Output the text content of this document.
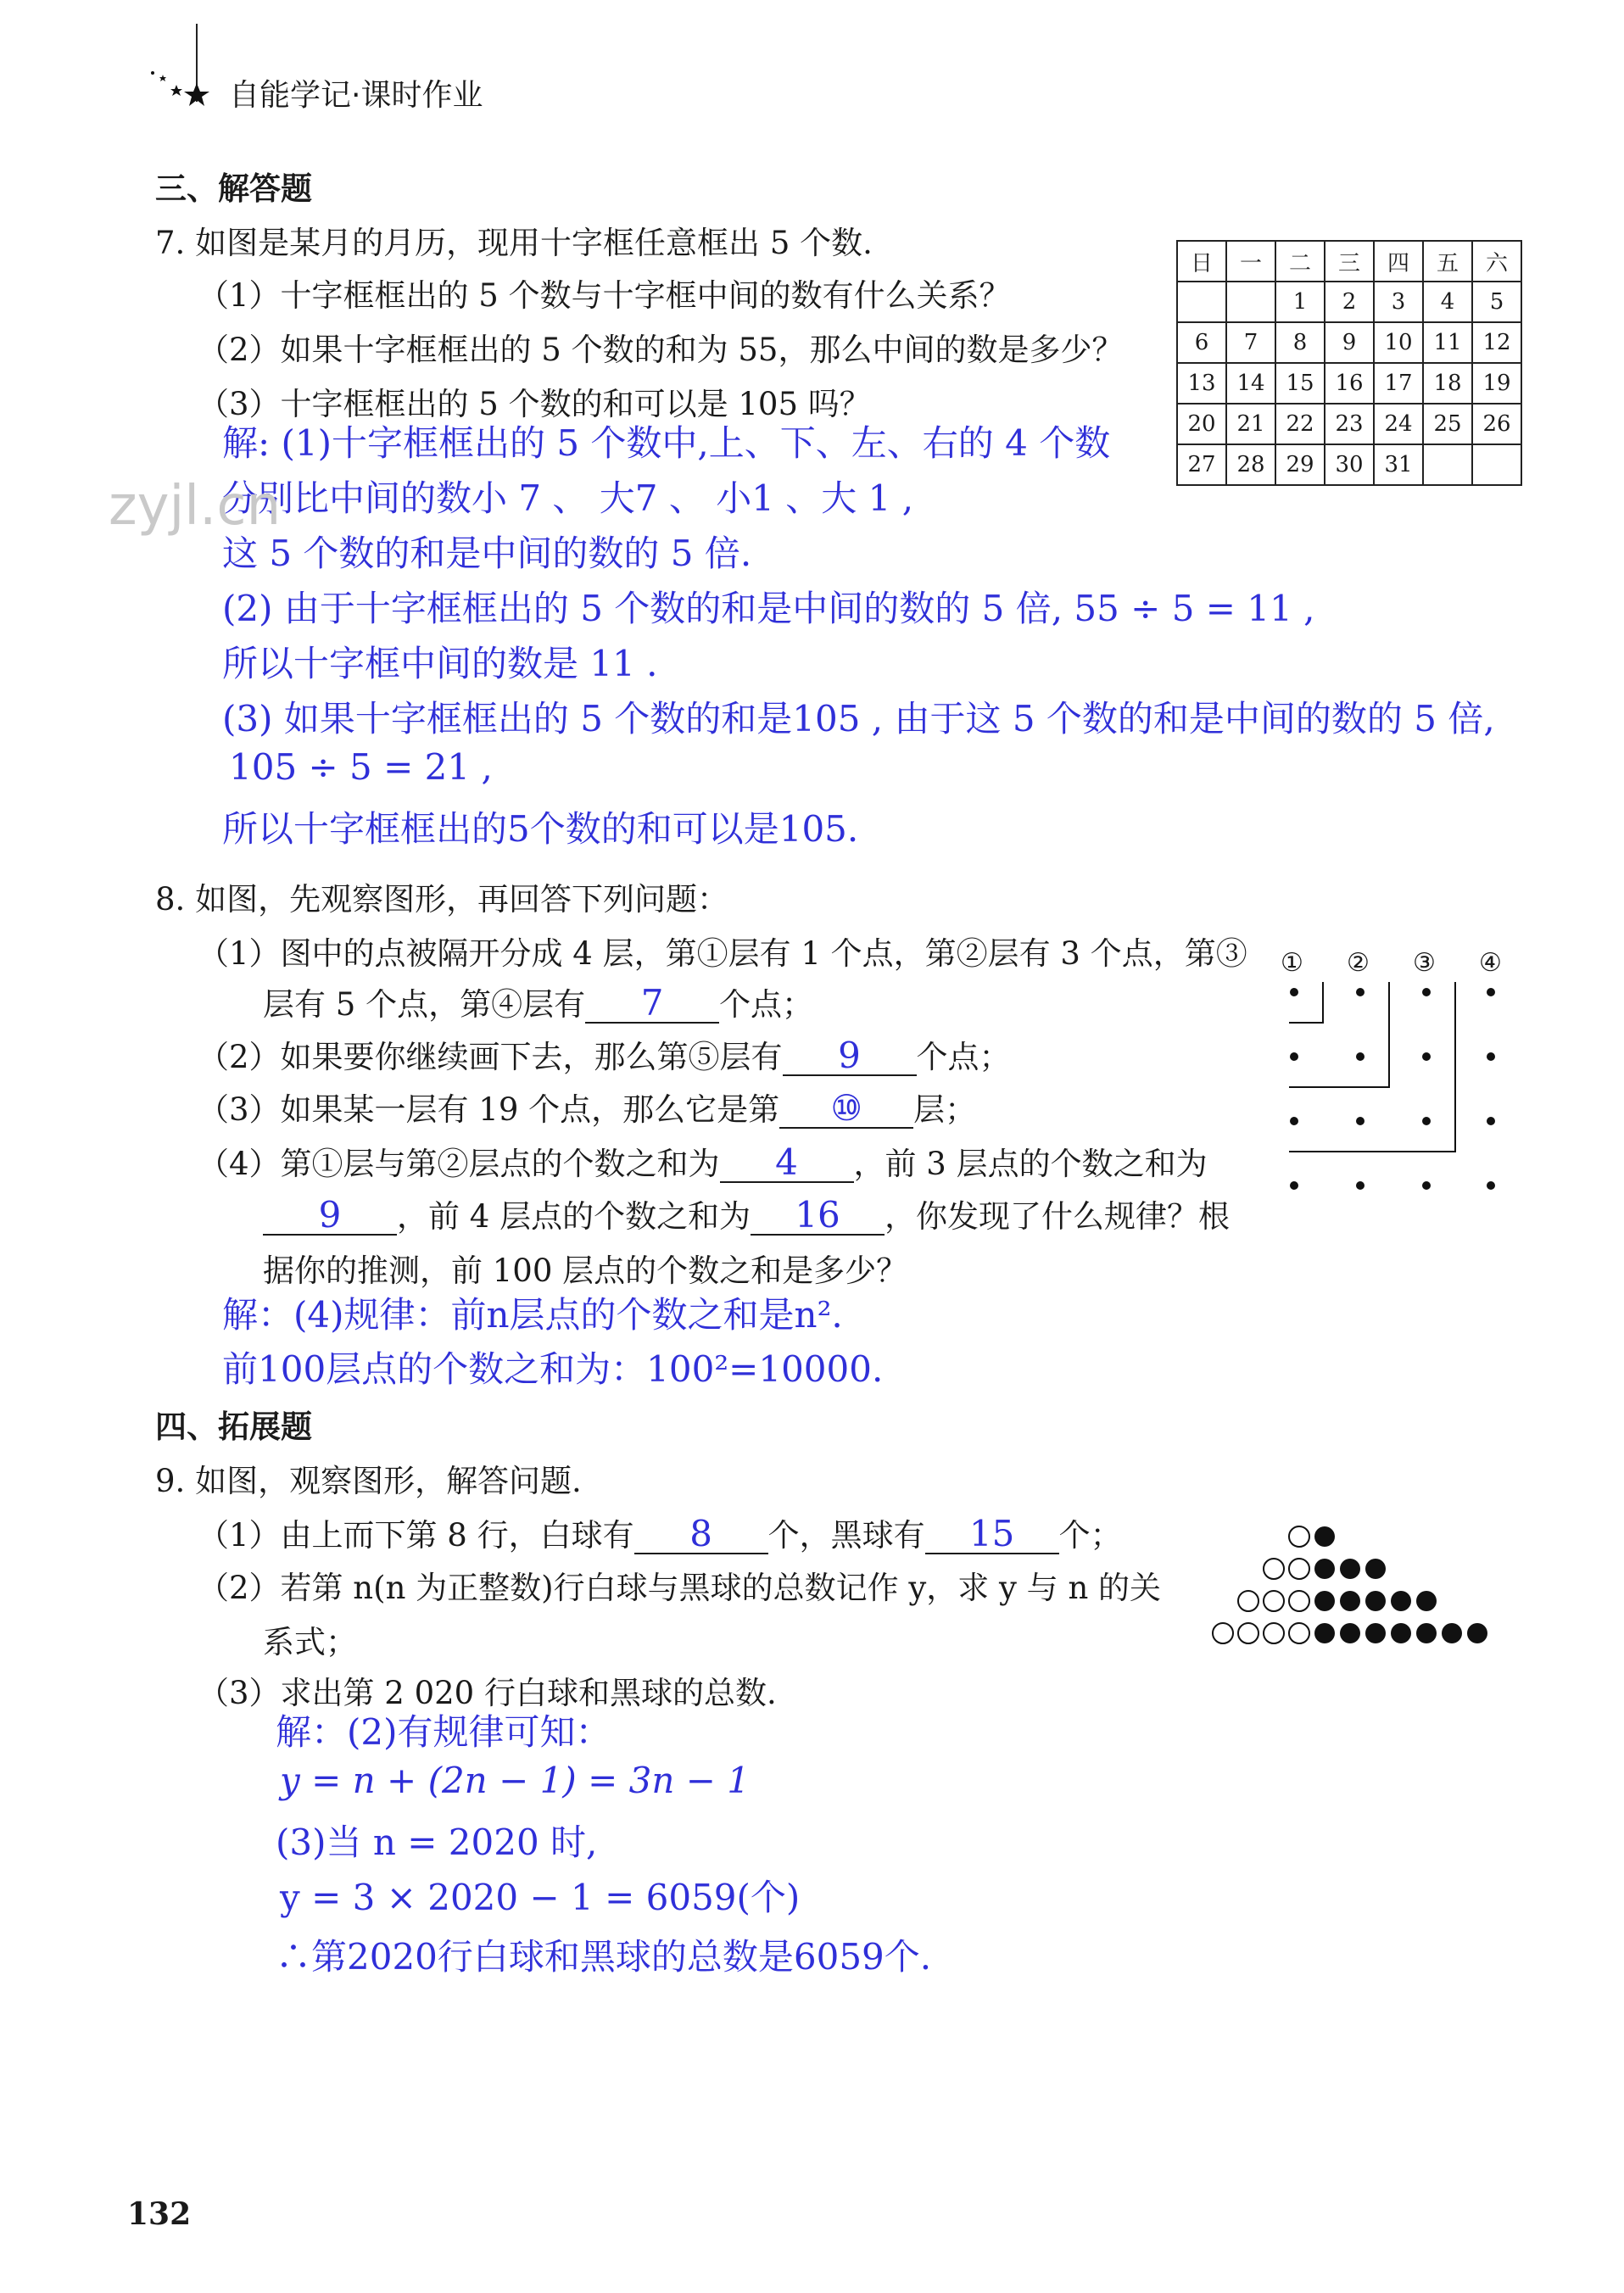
自能学记·课时作业
三、解答题
7. 如图是某月的月历，现用十字框任意框出 5 个数.
（1）十字框框出的 5 个数与十字框中间的数有什么关系？
（2）如果十字框框出的 5 个数的和为 55，那么中间的数是多少？
（3）十字框框出的 5 个数的和可以是 105 吗？
解: (1)十字框框出的 5 个数中,上、下、左、右的 4 个数
分别比中间的数小 7 、 大7 、 小1 、大 1 ,
zyjl.cn
这 5 个数的和是中间的数的 5 倍.
(2) 由于十字框框出的 5 个数的和是中间的数的 5 倍, 55 ÷ 5 = 11 ,
所以十字框中间的数是 11 .
(3) 如果十字框框出的 5 个数的和是105 , 由于这 5 个数的和是中间的数的 5 倍,
105 ÷ 5 = 21 ,
所以十字框框出的5个数的和可以是105.
日	一	二	三	四	五	六
		1	2	3	4	5
6	7	8	9	10	11	12
13	14	15	16	17	18	19
20	21	22	23	24	25	26
27	28	29	30	31		
8. 如图，先观察图形，再回答下列问题：
（1）图中的点被隔开分成 4 层，第①层有 1 个点，第②层有 3 个点，第③
层有 5 个点，第④层有 7 个点；
（2）如果要你继续画下去，那么第⑤层有 9 个点；
（3）如果某一层有 19 个点，那么它是第 ⑩ 层；
（4）第①层与第②层点的个数之和为 4 ，前 3 层点的个数之和为
9 ，前 4 层点的个数之和为 16 ，你发现了什么规律？根
据你的推测，前 100 层点的个数之和是多少？
解：(4)规律：前n层点的个数之和是n².
前100层点的个数之和为：100²=10000.
① ② ③ ④
四、拓展题
9. 如图，观察图形，解答问题.
（1）由上而下第 8 行，白球有 8 个，黑球有 15 个；
（2）若第 n(n 为正整数)行白球与黑球的总数记作 y，求 y 与 n 的关
系式；
（3）求出第 2 020 行白球和黑球的总数.
解：(2)有规律可知：
y = n + (2n − 1) = 3n − 1
(3)当 n = 2020 时,
y = 3 × 2020 − 1 = 6059(个)
∴第2020行白球和黑球的总数是6059个.
132
